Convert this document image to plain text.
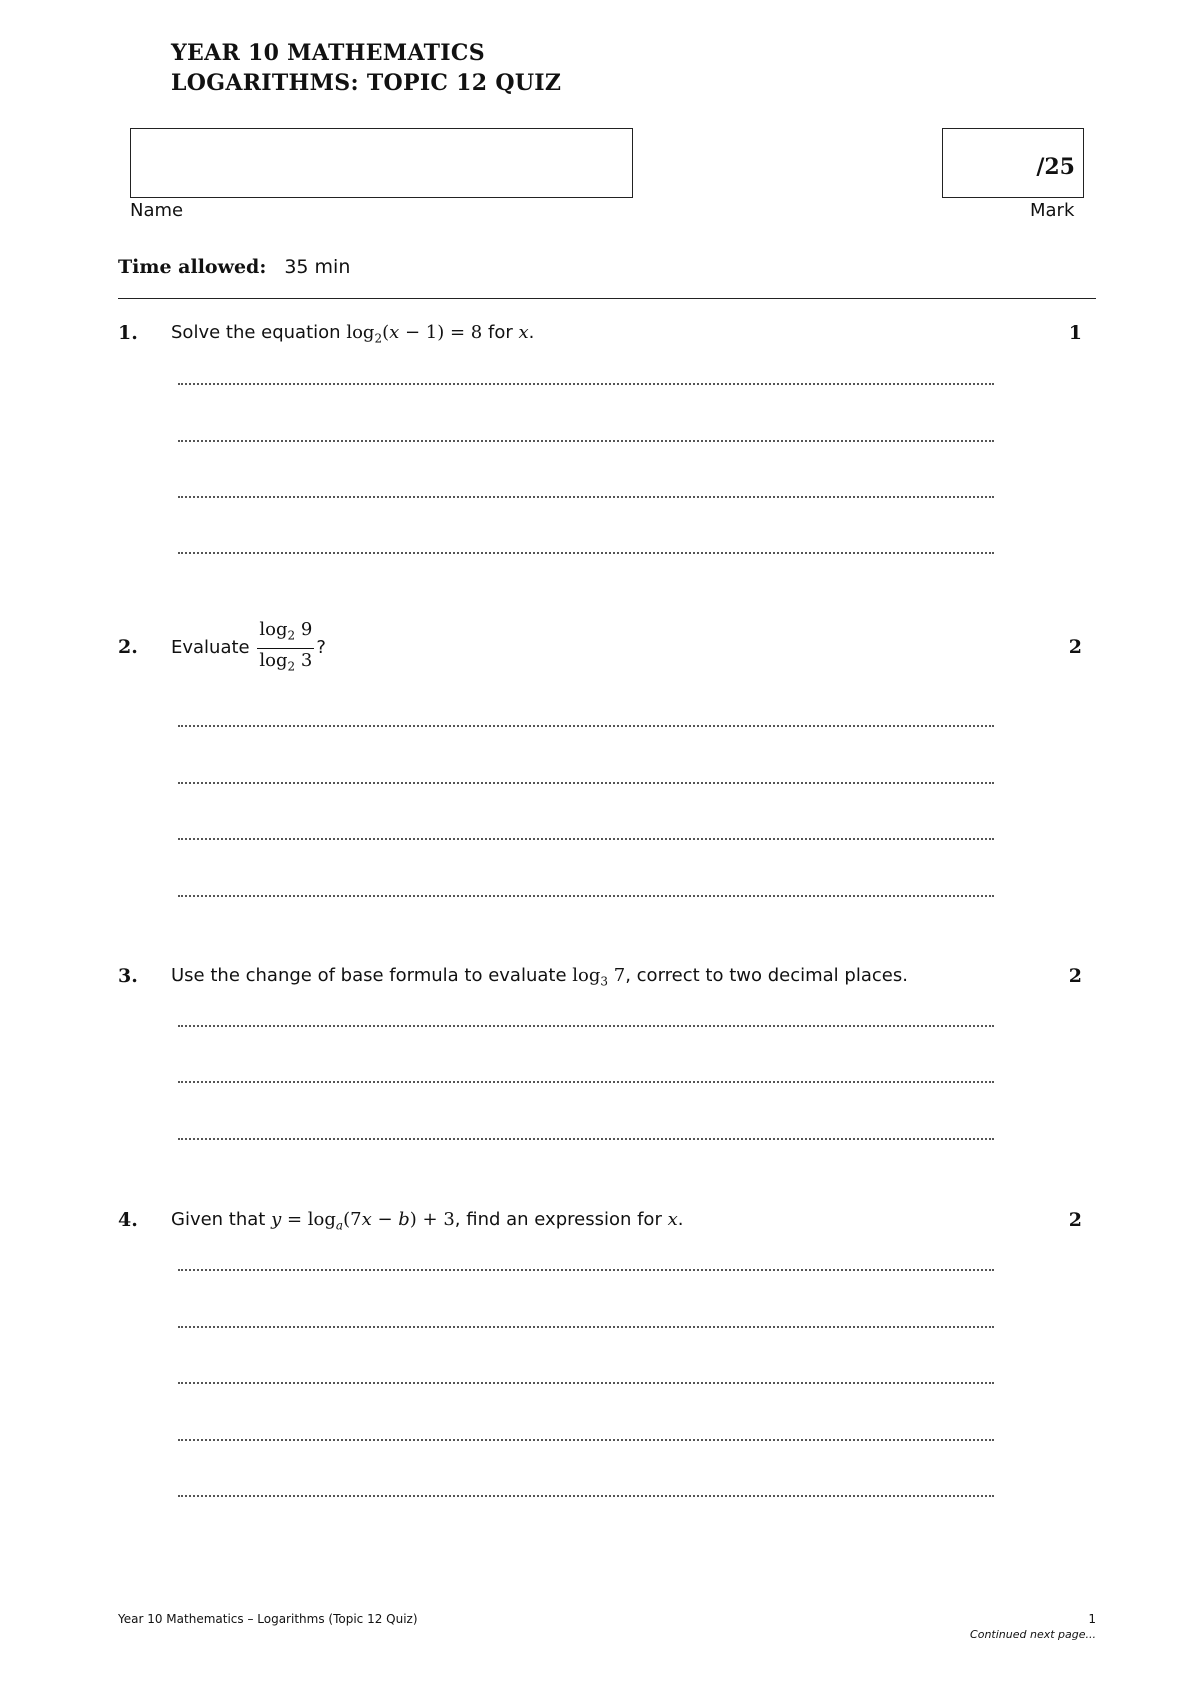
YEAR 10 MATHEMATICS
LOGARITHMS: TOPIC 12 QUIZ
Name
/25
Mark
Time allowed: 35 min
1. Solve the equation $\log_2(x - 1) = 8$ for x.	1
2. Evaluate $\frac{\log_2 9}{\log_2 3}$ ?	2
3. Use the change of base formula to evaluate $\log_3 7$, correct to two decimal places.	2
4. Given that $y = \log_a(7x - b) + 3$, find an expression for x.	2
Year 10 Mathematics – Logarithms (Topic 12 Quiz)	1
Continued next page...
